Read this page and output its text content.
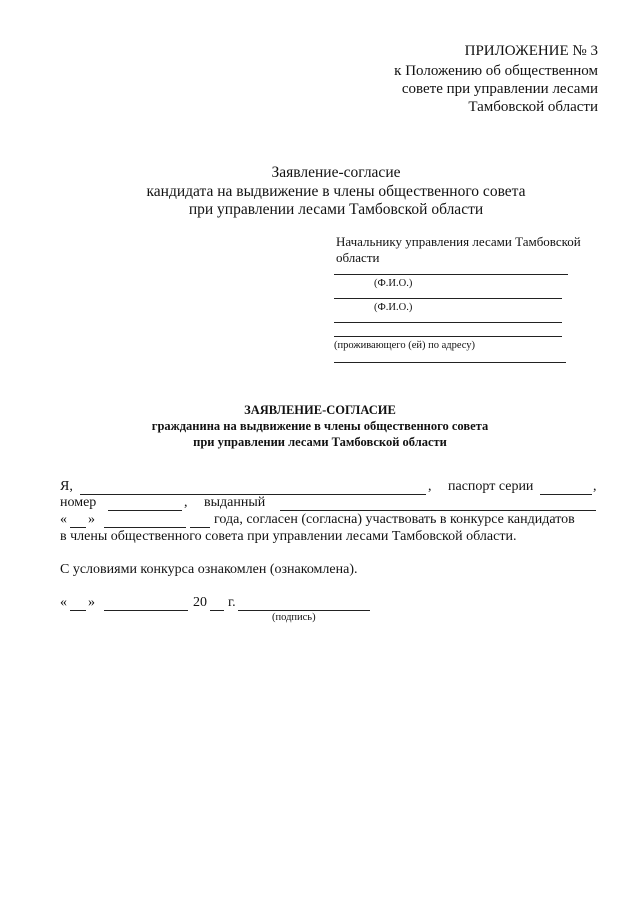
ПРИЛОЖЕНИЕ № 3
к Положению об общественном
совете при управлении лесами
Тамбовской области
Заявление-согласие
кандидата на выдвижение в члены общественного совета
при управлении лесами Тамбовской области
Начальнику управления лесами Тамбовской области
(Ф.И.О.)
(Ф.И.О.)
(проживающего (ей) по адресу)
ЗАЯВЛЕНИЕ-СОГЛАСИЕ
гражданина на выдвижение в члены общественного совета
при управлении лесами Тамбовской области
Я,	, паспорт серии	,
номер	, выданный
« »	года, согласен (согласна) участвовать в конкурсе кандидатов
в члены общественного совета при управлении лесами Тамбовской области.
С условиями конкурса ознакомлен (ознакомлена).
« »	20 г.
(подпись)
